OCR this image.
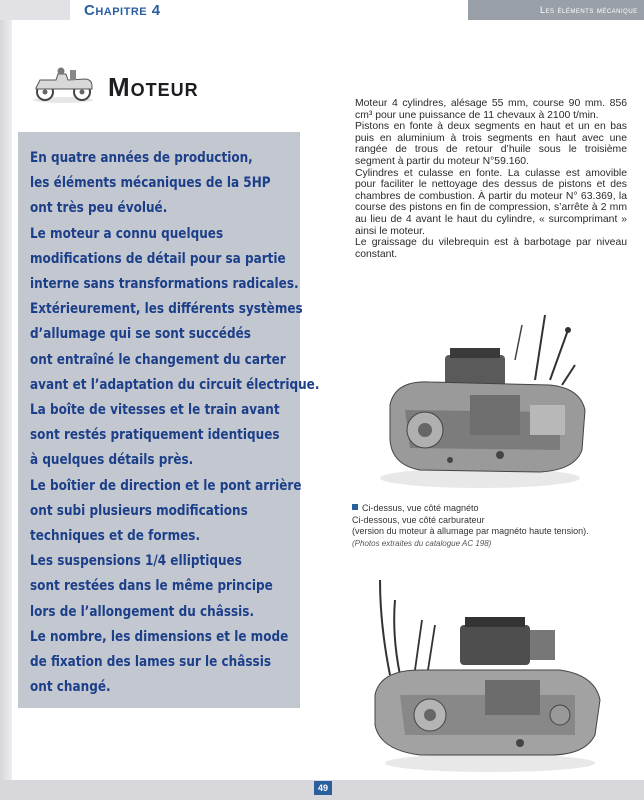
Chapitre 4	Les éléments mécanique
Moteur
En quatre années de production,
les éléments mécaniques de la 5HP
ont très peu évolué.
Le moteur a connu quelques
modifications de détail pour sa partie
interne sans transformations radicales.
Extérieurement, les différents systèmes
d’allumage qui se sont succédés
ont entraîné le changement du carter
avant et l’adaptation du circuit électrique.
La boîte de vitesses et le train avant
sont restés pratiquement identiques
à quelques détails près.
Le boîtier de direction et le pont arrière
ont subi plusieurs modifications
techniques et de formes.
Les suspensions 1/4 elliptiques
sont restées dans le même principe
lors de l’allongement du châssis.
Le nombre, les dimensions et le mode
de fixation des lames sur le châssis
ont changé.

Moteur 4 cylindres, alésage 55 mm, course 90 mm. 856 cm³ pour une puissance de 11 chevaux à 2100 t/min.

Pistons en fonte à deux segments en haut et un en bas puis en aluminium à trois segments en haut avec une rangée de trous de retour d’huile sous le troisième segment à partir du moteur N°59.160.

Cylindres et culasse en fonte. La culasse est amovible pour faciliter le nettoyage des dessus de pistons et des chambres de combustion. À partir du moteur N° 63.369, la course des pistons en fin de compression, s’arrête à 2 mm au lieu de 4 avant le haut du cylindre, « surcomprimant » ainsi le moteur.

Le graissage du vilebrequin est à barbotage par niveau constant.

Ci-dessus, vue côté magnéto
Ci-dessous, vue côté carburateur
(version du moteur à allumage par magnéto haute tension).
(Photos extraites du catalogue AC 198)
49
